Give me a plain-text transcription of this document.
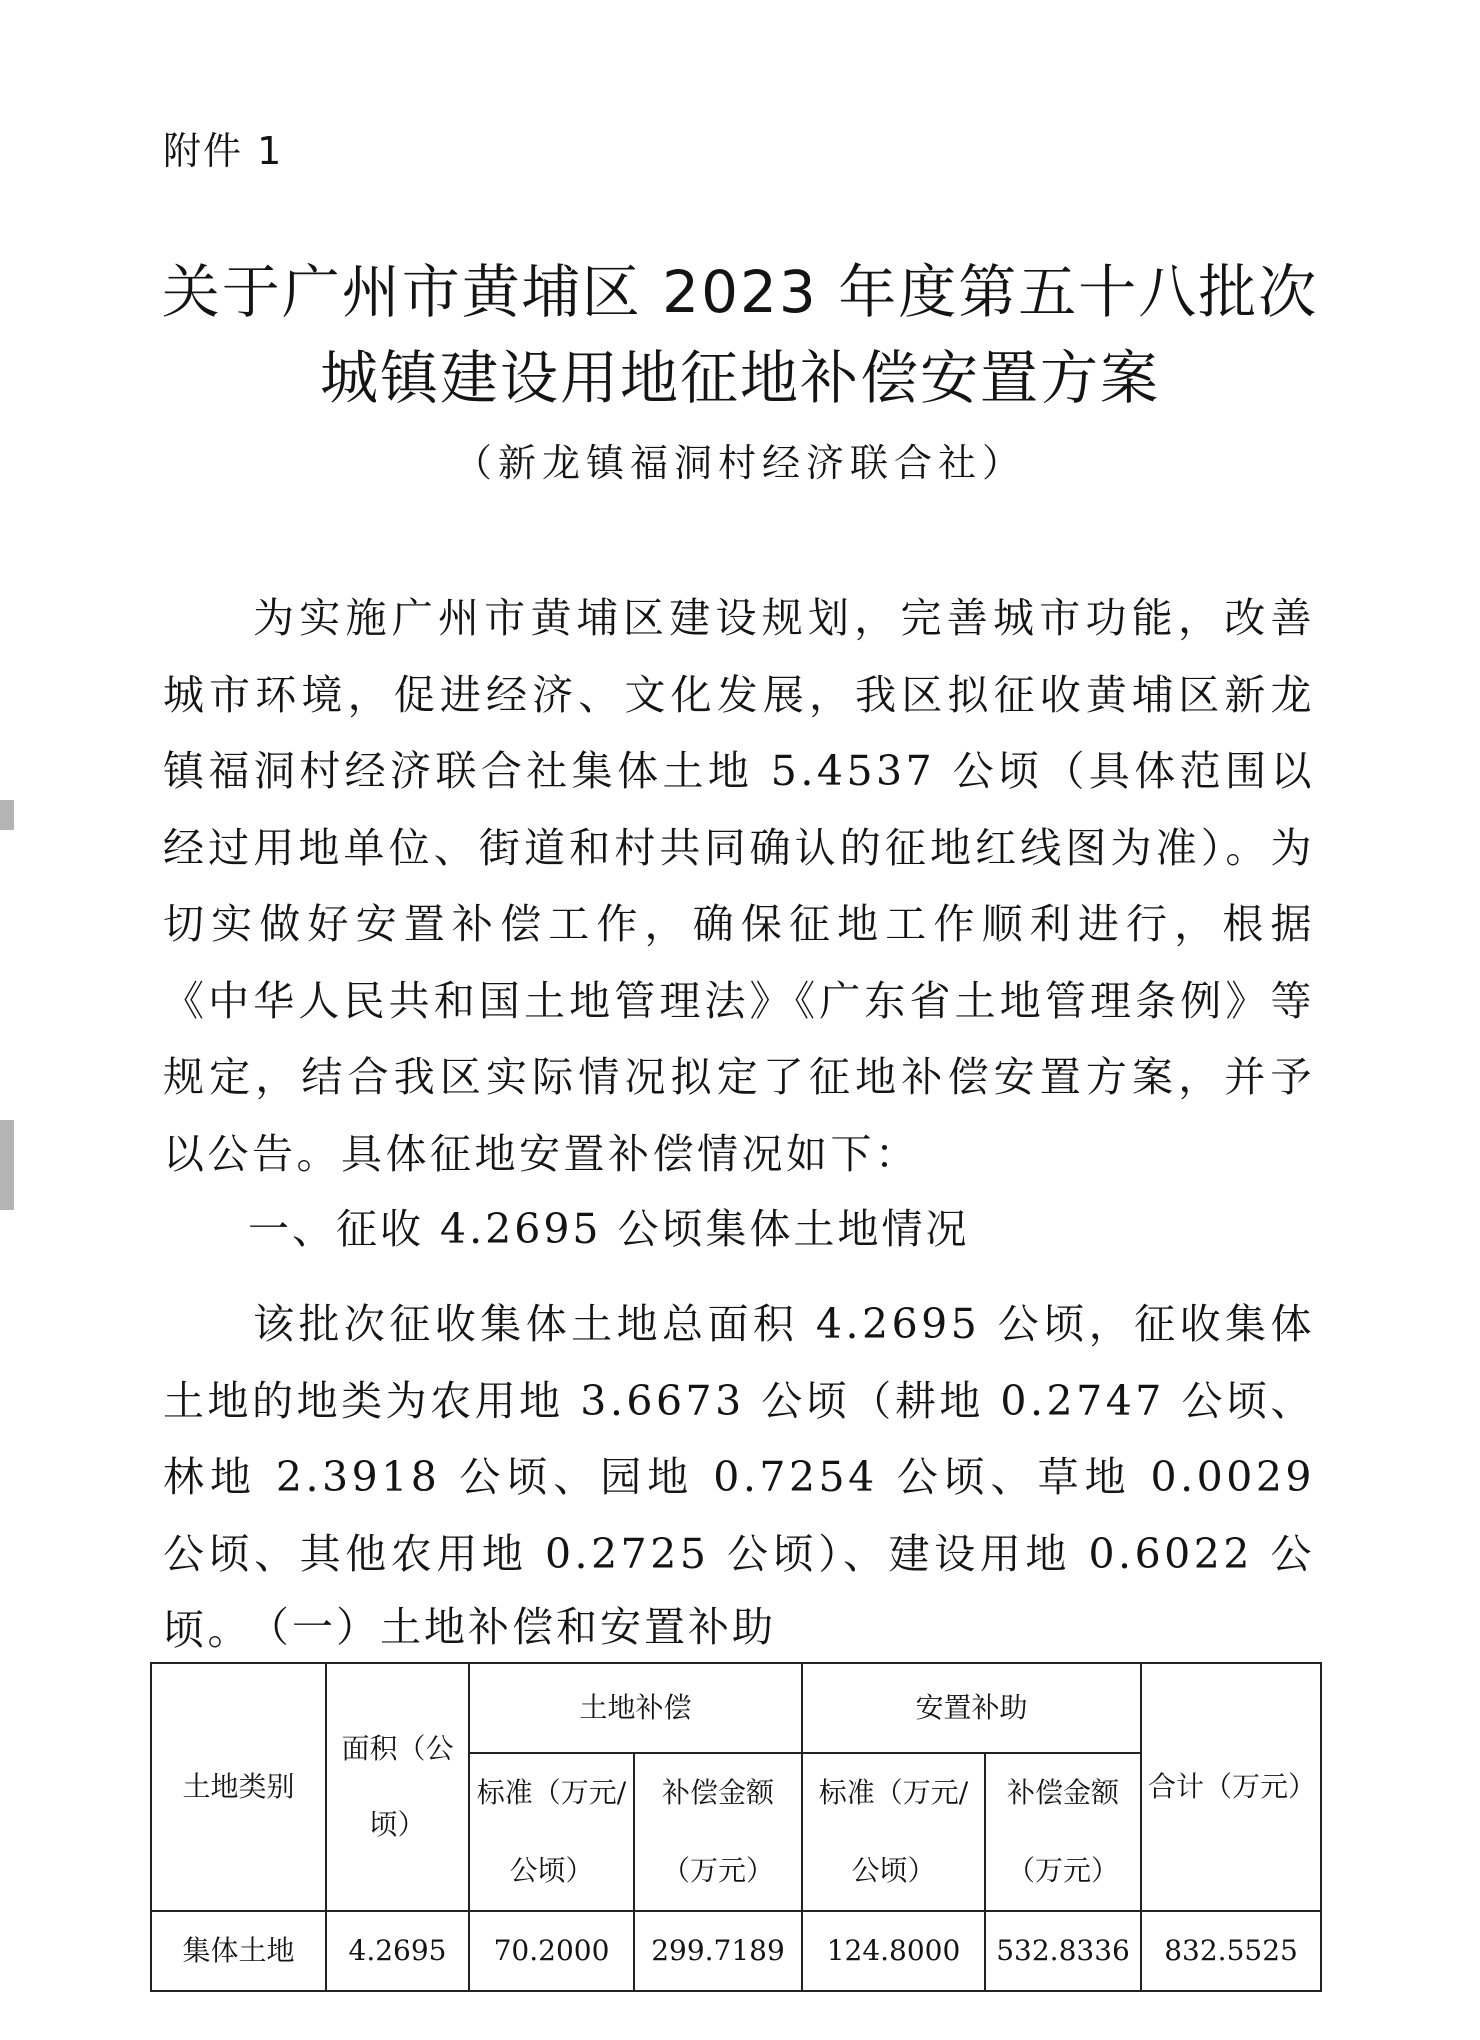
附件 1
关于广州市黄埔区 2023 年度第五十八批次
城镇建设用地征地补偿安置方案
（新龙镇福洞村经济联合社）

为实施广州市黄埔区建设规划，完善城市功能，改善城市环境，促进经济、文化发展，我区拟征收黄埔区新龙镇福洞村经济联合社集体土地 5.4537 公顷（具体范围以经过用地单位、街道和村共同确认的征地红线图为准）。为切实做好安置补偿工作，确保征地工作顺利进行，根据《中华人民共和国土地管理法》《广东省土地管理条例》等规定，结合我区实际情况拟定了征地补偿安置方案，并予以公告。具体征地安置补偿情况如下：

一、征收 4.2695 公顷集体土地情况

该批次征收集体土地总面积 4.2695 公顷，征收集体土地的地类为农用地 3.6673 公顷（耕地 0.2747 公顷、林地 2.3918 公顷、园地 0.7254 公顷、草地 0.0029 公顷、其他农用地 0.2725 公顷）、建设用地 0.6022 公顷。

（一）土地补偿和安置补助
土地类别	面积（公顷）	土地补偿		安置补助		合计（万元）
		标准（万元/公顷）	补偿金额（万元）	标准（万元/公顷）	补偿金额（万元）	
集体土地	4.2695	70.2000	299.7189	124.8000	532.8336	832.5525
